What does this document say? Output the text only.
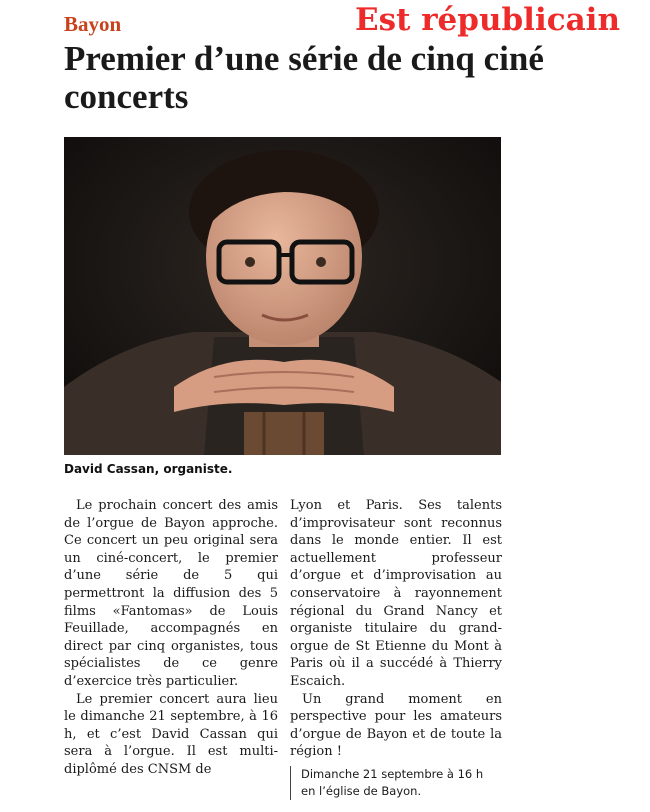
Bayon	Est républicain
Premier d’une série de cinq ciné concerts
David Cassan, organiste.

Le prochain concert des amis de l’orgue de Bayon approche. Ce concert un peu original sera un ciné-concert, le premier d’une série de 5 qui permettront la diffusion des 5 films «Fantomas» de Louis Feuillade, accompagnés en direct par cinq organistes, tous spécialistes de ce genre d’exercice très particulier.

Le premier concert aura lieu le dimanche 21 septembre, à 16 h, et c’est David Cassan qui sera à l’orgue. Il est multi-diplômé des CNSM de

Lyon et Paris. Ses talents d’improvisateur sont reconnus dans le monde entier. Il est actuellement professeur d’orgue et d’improvisation au conservatoire à rayonnement régional du Grand Nancy et organiste titulaire du grand-orgue de St Etienne du Mont à Paris où il a succédé à Thierry Escaich.

Un grand moment en perspective pour les amateurs d’orgue de Bayon et de toute la région !

Dimanche 21 septembre à 16 h
en l’église de Bayon.
